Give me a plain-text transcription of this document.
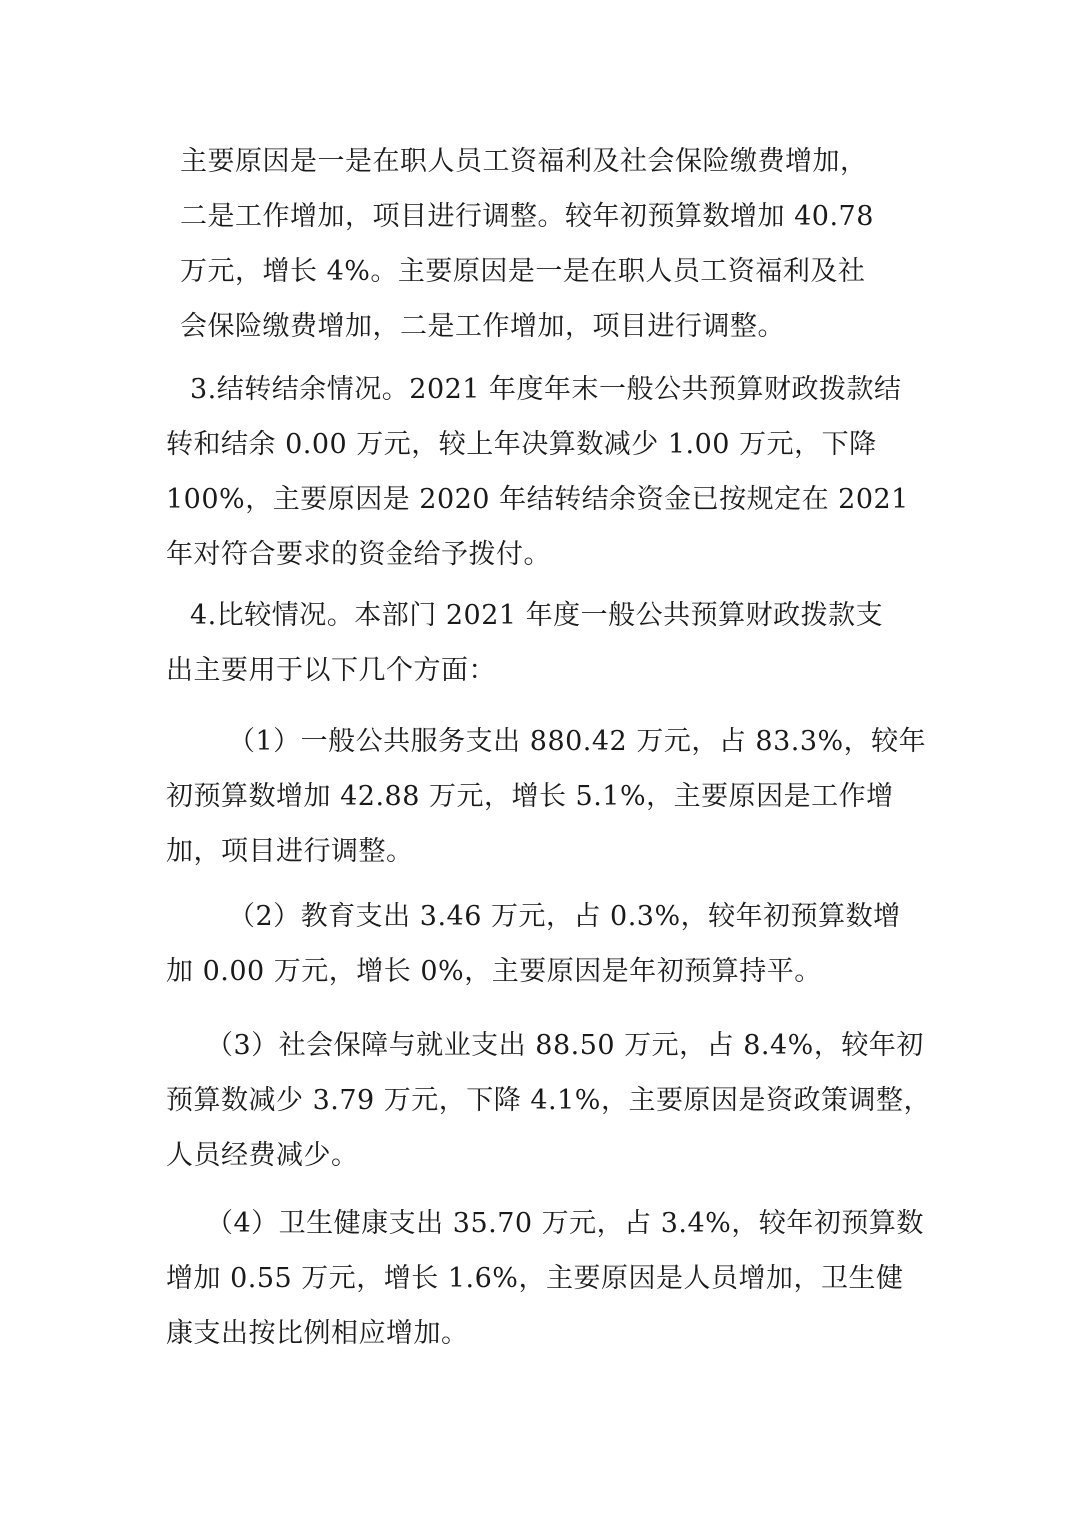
主要原因是一是在职人员工资福利及社会保险缴费增加，
二是工作增加，项目进行调整。较年初预算数增加 40.78
万元，增长 4%。主要原因是一是在职人员工资福利及社
会保险缴费增加，二是工作增加，项目进行调整。

3.结转结余情况。2021 年度年末一般公共预算财政拨款结
转和结余 0.00 万元，较上年决算数减少 1.00 万元，下降
100%，主要原因是 2020 年结转结余资金已按规定在 2021
年对符合要求的资金给予拨付。

4.比较情况。本部门 2021 年度一般公共预算财政拨款支
出主要用于以下几个方面：

（1）一般公共服务支出 880.42 万元，占 83.3%，较年
初预算数增加 42.88 万元，增长 5.1%，主要原因是工作增
加，项目进行调整。

（2）教育支出 3.46 万元，占 0.3%，较年初预算数增
加 0.00 万元，增长 0%，主要原因是年初预算持平。

（3）社会保障与就业支出 88.50 万元，占 8.4%，较年初
预算数减少 3.79 万元，下降 4.1%，主要原因是资政策调整，
人员经费减少。

（4）卫生健康支出 35.70 万元，占 3.4%，较年初预算数
增加 0.55 万元，增长 1.6%，主要原因是人员增加，卫生健
康支出按比例相应增加。
